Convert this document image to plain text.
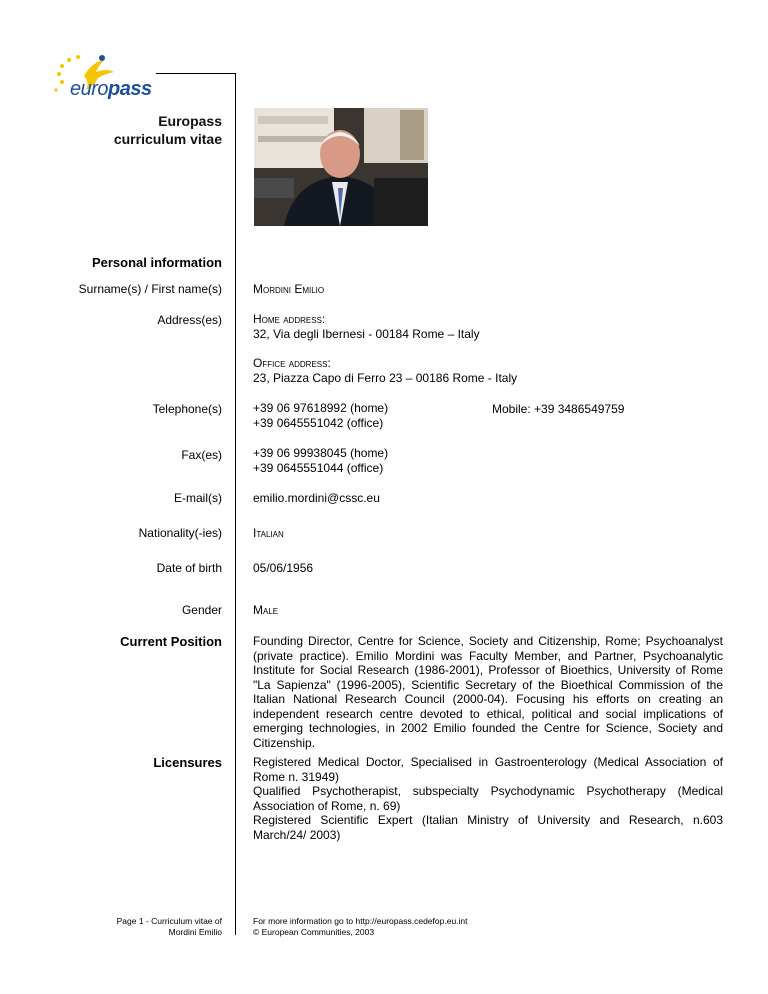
europass
Europass
curriculum vitae
Personal information
Surname(s) / First name(s)	Mordini Emilio
Address(es)	Home address:
32, Via degli Ibernesi - 00184 Rome – Italy
Office address:
23, Piazza Capo di Ferro 23 – 00186 Rome - Italy
Telephone(s)	+39 06 97618992 (home)
+39 0645551042 (office)
Mobile: +39 3486549759
Fax(es)	+39 06 99938045 (home)
+39 0645551044 (office)
E-mail(s)	emilio.mordini@cssc.eu
Nationality(-ies)	Italian
Date of birth	05/06/1956
Gender	Male
Current Position	Founding Director, Centre for Science, Society and Citizenship, Rome; Psychoanalyst (private practice). Emilio Mordini was Faculty Member, and Partner, Psychoanalytic Institute for Social Research (1986-2001), Professor of Bioethics, University of Rome "La Sapienza" (1996-2005), Scientific Secretary of the Bioethical Commission of the Italian National Research Council (2000-04). Focusing his efforts on creating an independent research centre devoted to ethical, political and social implications of emerging technologies, in 2002 Emilio founded the Centre for Science, Society and Citizenship.
Licensures	Registered Medical Doctor, Specialised in Gastroenterology (Medical Association of Rome n. 31949)
Qualified Psychotherapist, subspecialty Psychodynamic Psychotherapy (Medical Association of Rome, n. 69)
Registered Scientific Expert (Italian Ministry of University and Research, n.603 March/24/ 2003)
Page 1 - Curriculum vitae of
Mordini Emilio
For more information go to http://europass.cedefop.eu.int
© European Communities, 2003
